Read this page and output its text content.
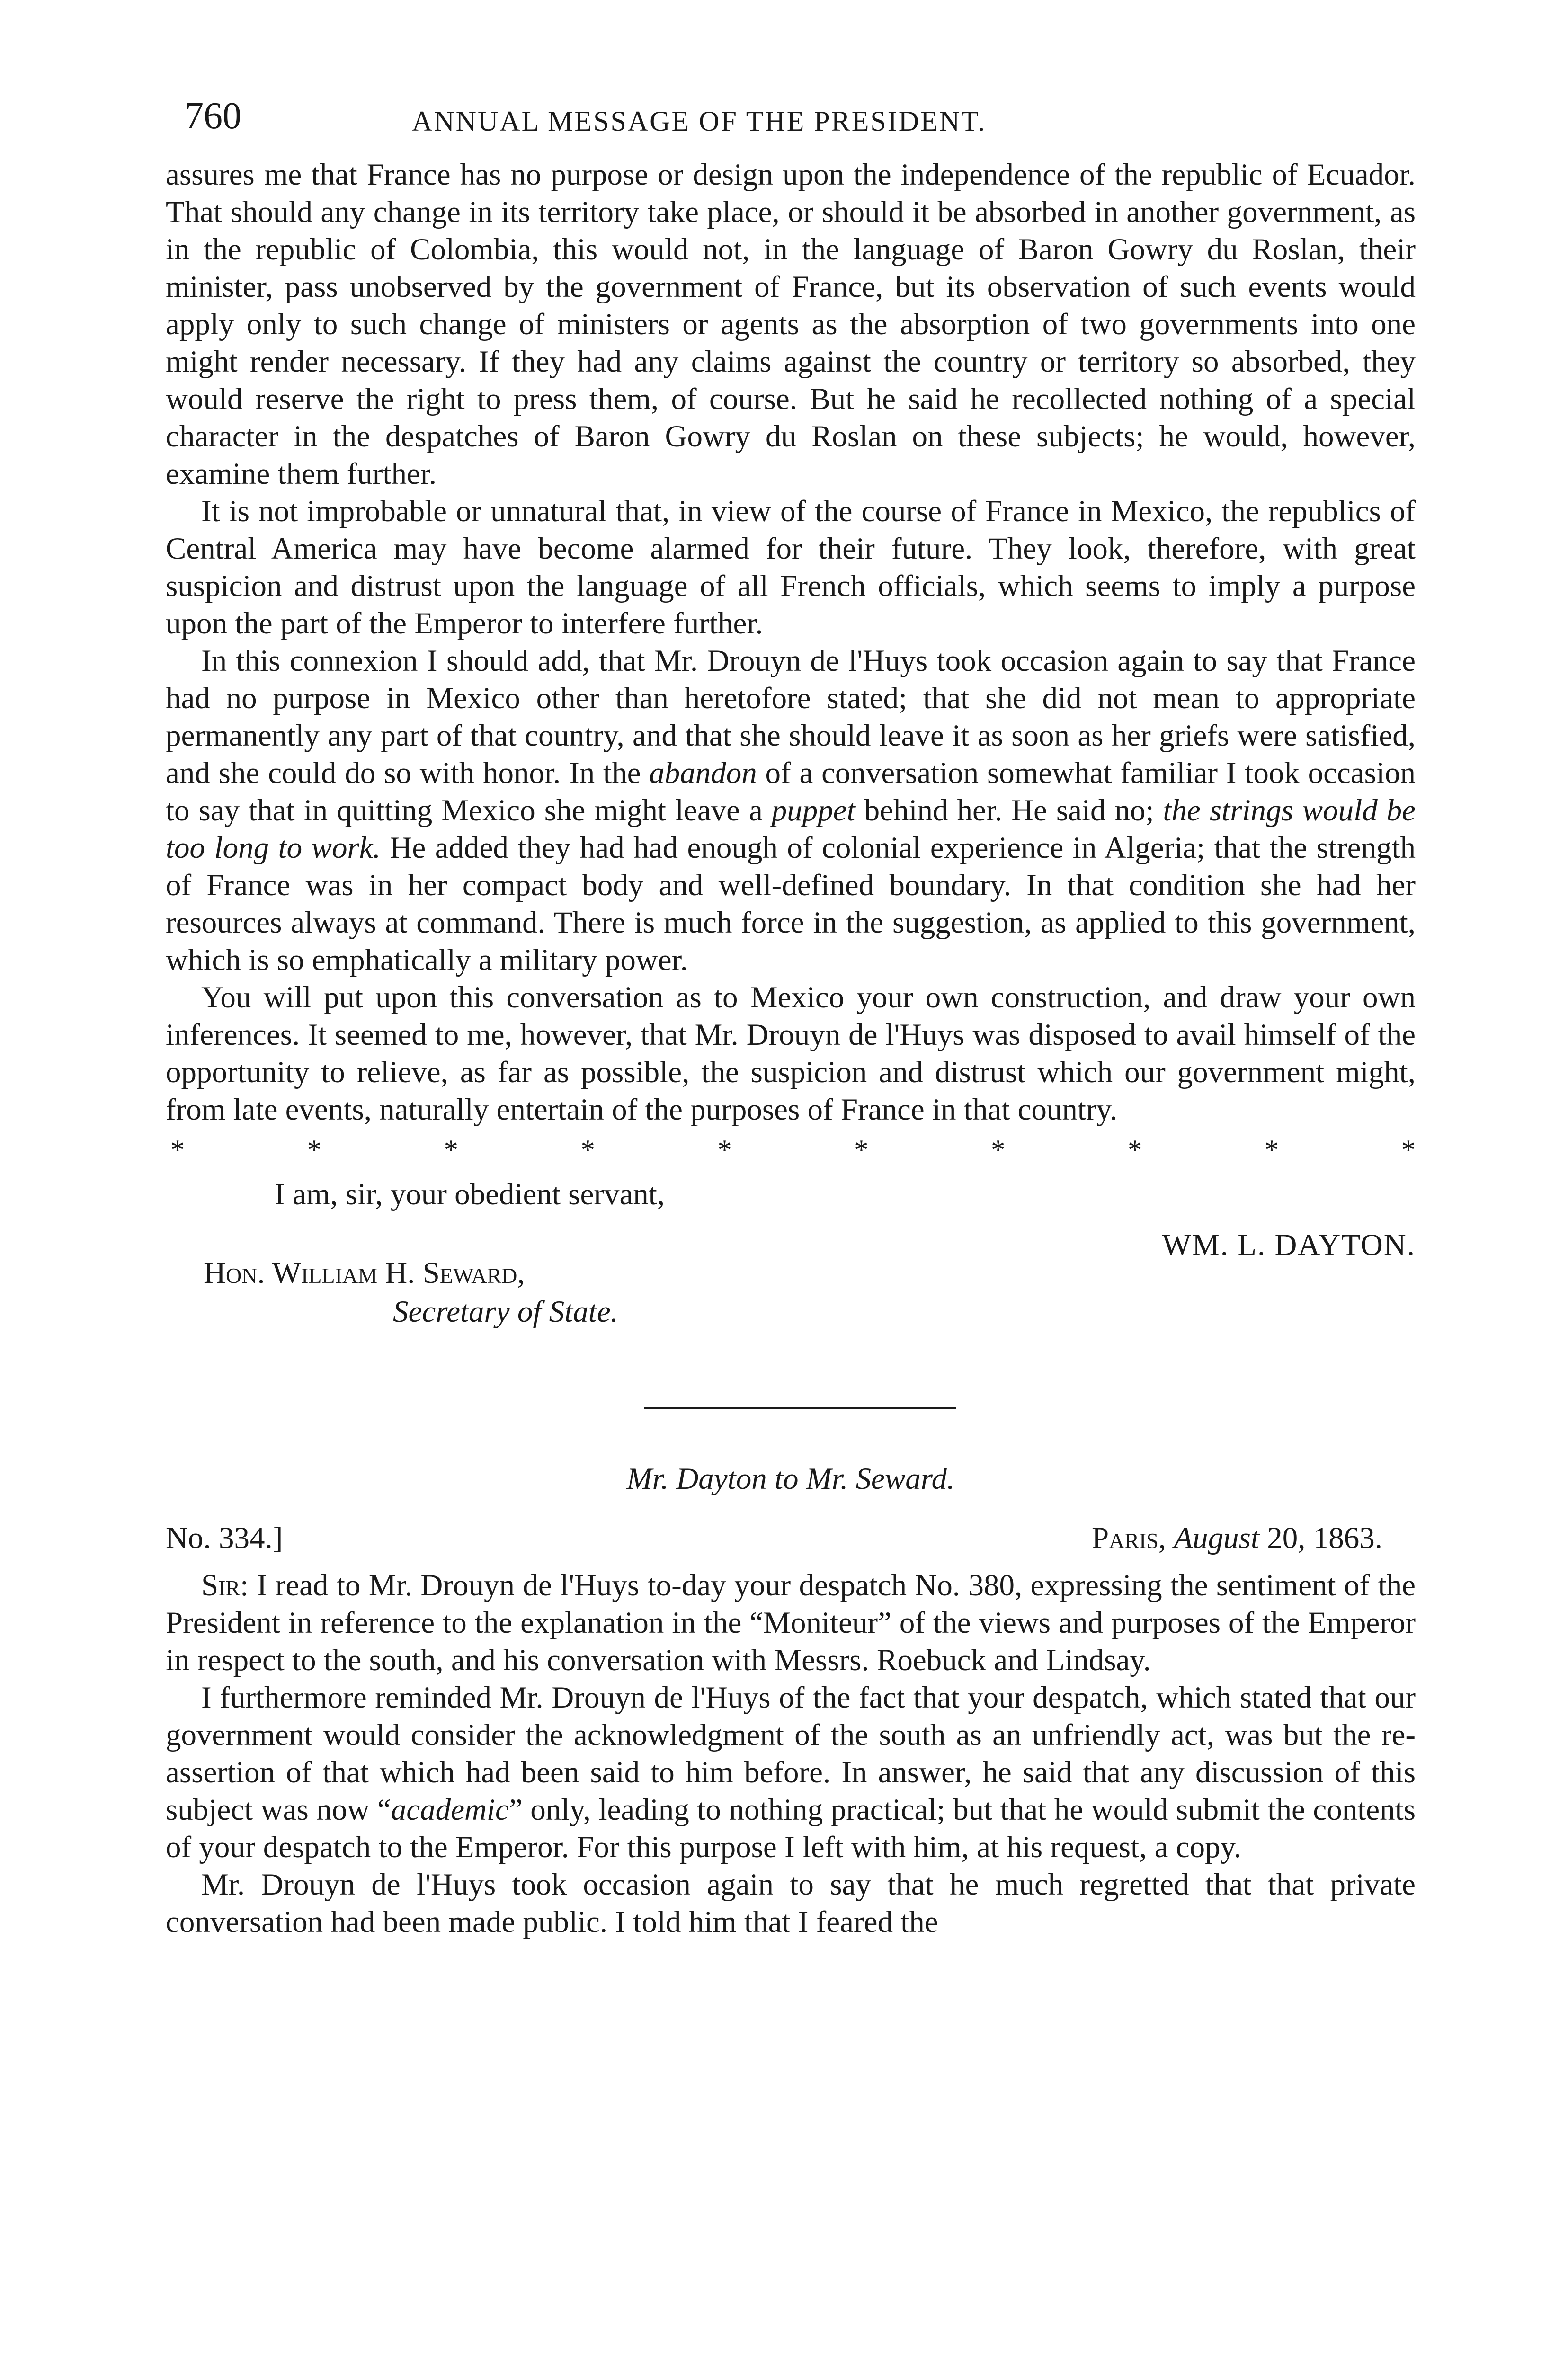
760	ANNUAL MESSAGE OF THE PRESIDENT.

assures me that France has no purpose or design upon the independence of the republic of Ecuador. That should any change in its territory take place, or should it be absorbed in another government, as in the republic of Colombia, this would not, in the language of Baron Gowry du Roslan, their minister, pass unobserved by the government of France, but its observation of such events would apply only to such change of ministers or agents as the absorption of two governments into one might render necessary. If they had any claims against the country or territory so absorbed, they would reserve the right to press them, of course. But he said he recollected nothing of a special character in the despatches of Baron Gowry du Roslan on these subjects; he would, however, examine them further.

It is not improbable or unnatural that, in view of the course of France in Mexico, the republics of Central America may have become alarmed for their future. They look, therefore, with great suspicion and distrust upon the language of all French officials, which seems to imply a purpose upon the part of the Emperor to interfere further.

In this connexion I should add, that Mr. Drouyn de l'Huys took occasion again to say that France had no purpose in Mexico other than heretofore stated; that she did not mean to appropriate permanently any part of that country, and that she should leave it as soon as her griefs were satisfied, and she could do so with honor. In the abandon of a conversation somewhat familiar I took occasion to say that in quitting Mexico she might leave a puppet behind her. He said no; the strings would be too long to work. He added they had had enough of colonial experience in Algeria; that the strength of France was in her compact body and well-defined boundary. In that condition she had her resources always at command. There is much force in the suggestion, as applied to this government, which is so emphatically a military power.

You will put upon this conversation as to Mexico your own construction, and draw your own inferences. It seemed to me, however, that Mr. Drouyn de l'Huys was disposed to avail himself of the opportunity to relieve, as far as possible, the suspicion and distrust which our government might, from late events, naturally entertain of the purposes of France in that country.

*	*	*	*	*	*	*	*	*	*
I am, sir, your obedient servant,
WM. L. DAYTON.
Hon. William H. Seward,
Secretary of State.
Mr. Dayton to Mr. Seward.
No. 334.]	Paris, August 20, 1863.

Sir: I read to Mr. Drouyn de l'Huys to-day your despatch No. 380, expressing the sentiment of the President in reference to the explanation in the “Moniteur” of the views and purposes of the Emperor in respect to the south, and his conversation with Messrs. Roebuck and Lindsay.

I furthermore reminded Mr. Drouyn de l'Huys of the fact that your despatch, which stated that our government would consider the acknowledgment of the south as an unfriendly act, was but the re-assertion of that which had been said to him before. In answer, he said that any discussion of this subject was now “academic” only, leading to nothing practical; but that he would submit the contents of your despatch to the Emperor. For this purpose I left with him, at his request, a copy.

Mr. Drouyn de l'Huys took occasion again to say that he much regretted that that private conversation had been made public. I told him that I feared the
